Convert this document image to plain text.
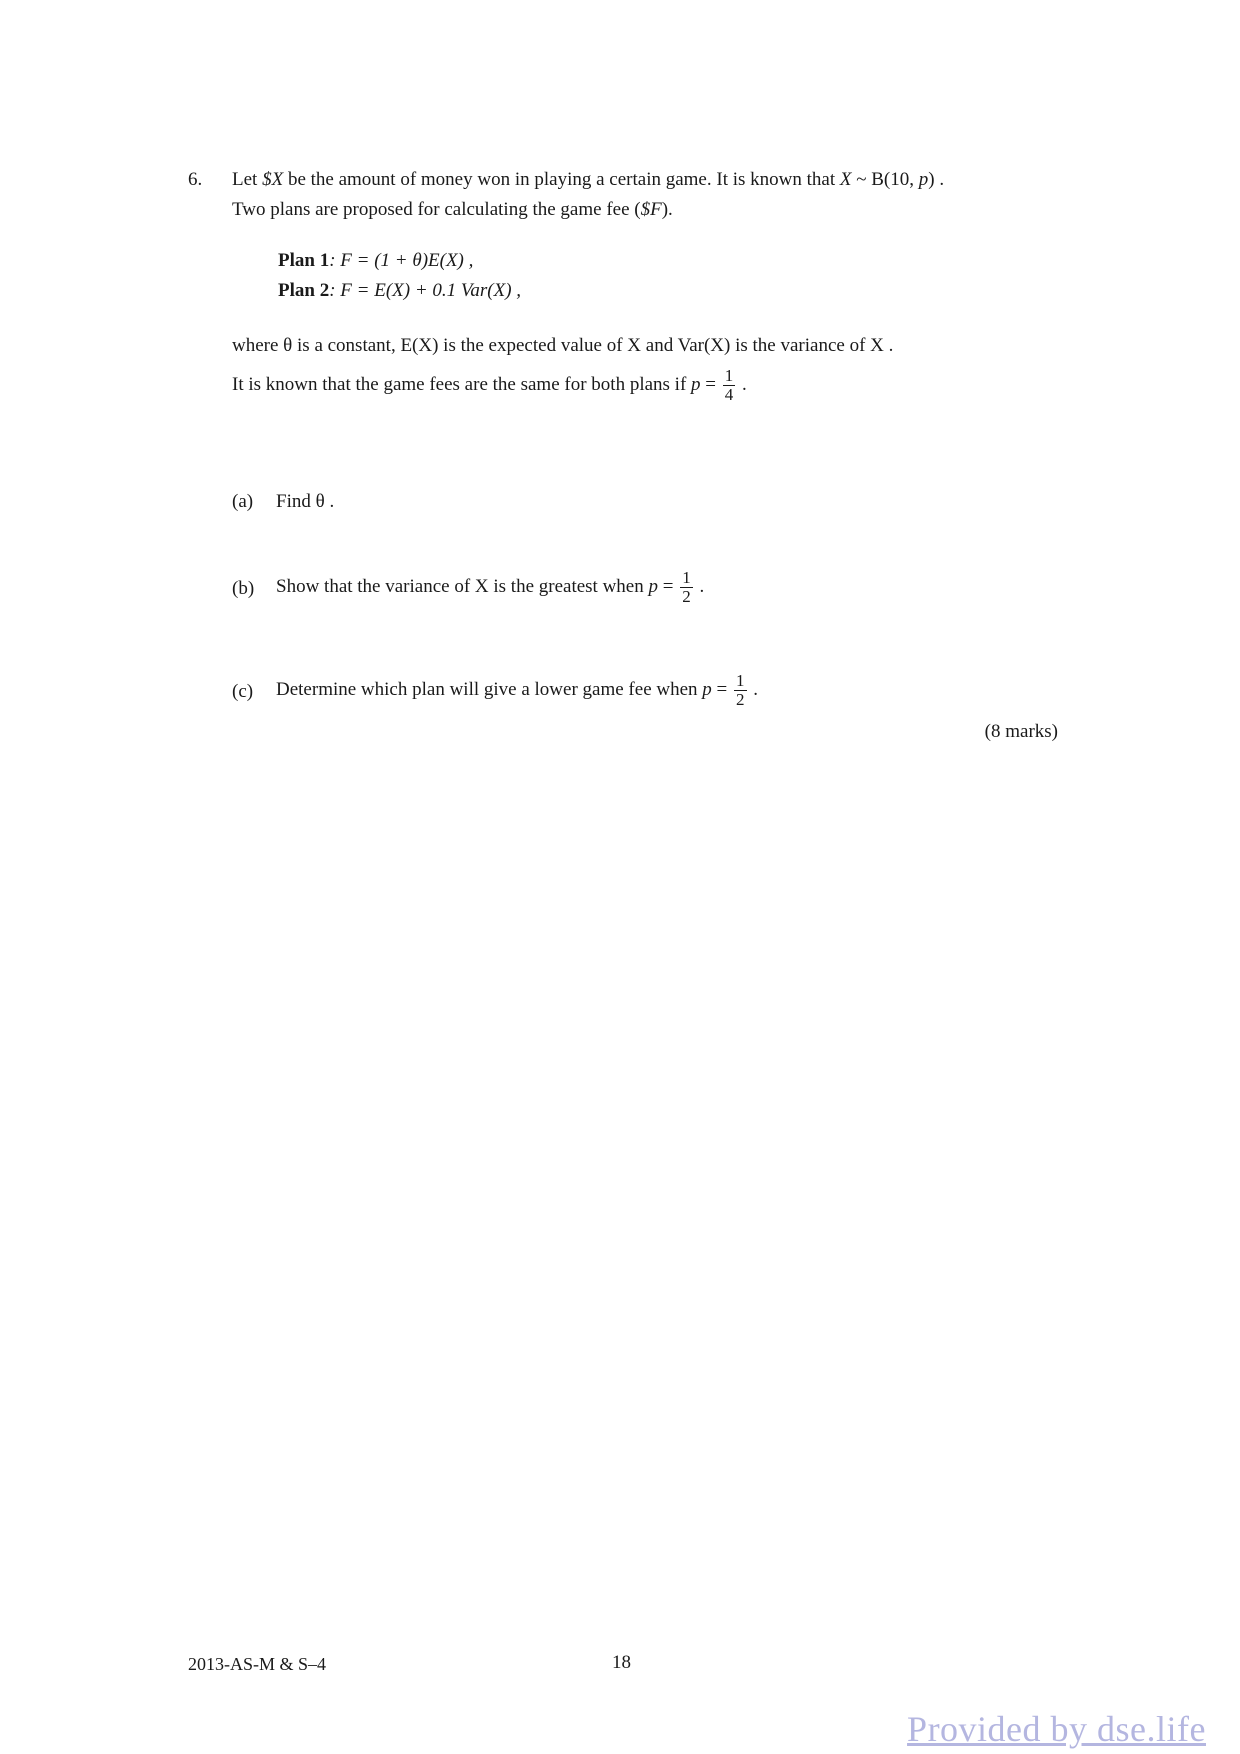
6. Let $X be the amount of money won in playing a certain game. It is known that X ~ B(10, p) .
Two plans are proposed for calculating the game fee ($F).
Plan 1: F = (1 + θ)E(X) ,
Plan 2: F = E(X) + 0.1 Var(X) ,
where θ is a constant, E(X) is the expected value of X and Var(X) is the variance of X .
It is known that the game fees are the same for both plans if $p = \frac{1}{4}$ .
(a) Find θ .
(b) Show that the variance of X is the greatest when $p = \frac{1}{2}$ .
(c) Determine which plan will give a lower game fee when $p = \frac{1}{2}$ .
(8 marks)
2013-AS-M & S–4	18
Provided by dse.life
